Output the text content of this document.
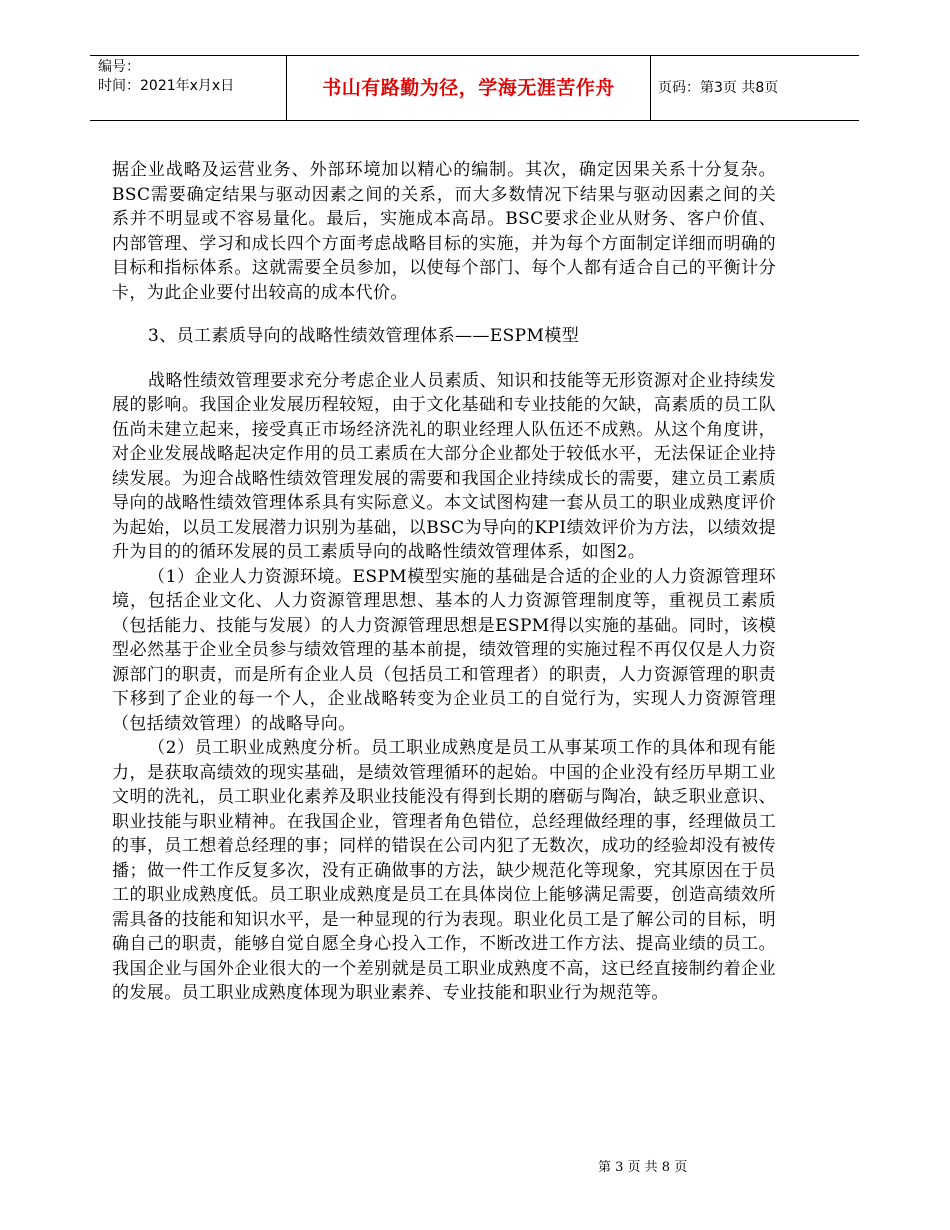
编号：
时间：2021年x月x日	书山有路勤为径，学海无涯苦作舟	页码：第3页 共8页

据企业战略及运营业务、外部环境加以精心的编制。其次，确定因果关系十分复杂。BSC需要确定结果与驱动因素之间的关系，而大多数情况下结果与驱动因素之间的关系并不明显或不容易量化。最后，实施成本高昂。BSC要求企业从财务、客户价值、内部管理、学习和成长四个方面考虑战略目标的实施，并为每个方面制定详细而明确的目标和指标体系。这就需要全员参加，以使每个部门、每个人都有适合自己的平衡计分卡，为此企业要付出较高的成本代价。

3、员工素质导向的战略性绩效管理体系——ESPM模型

战略性绩效管理要求充分考虑企业人员素质、知识和技能等无形资源对企业持续发展的影响。我国企业发展历程较短，由于文化基础和专业技能的欠缺，高素质的员工队伍尚未建立起来，接受真正市场经济洗礼的职业经理人队伍还不成熟。从这个角度讲，对企业发展战略起决定作用的员工素质在大部分企业都处于较低水平，无法保证企业持续发展。为迎合战略性绩效管理发展的需要和我国企业持续成长的需要，建立员工素质导向的战略性绩效管理体系具有实际意义。本文试图构建一套从员工的职业成熟度评价为起始，以员工发展潜力识别为基础，以BSC为导向的KPI绩效评价为方法，以绩效提升为目的的循环发展的员工素质导向的战略性绩效管理体系，如图2。

（1）企业人力资源环境。ESPM模型实施的基础是合适的企业的人力资源管理环境，包括企业文化、人力资源管理思想、基本的人力资源管理制度等，重视员工素质（包括能力、技能与发展）的人力资源管理思想是ESPM得以实施的基础。同时，该模型必然基于企业全员参与绩效管理的基本前提，绩效管理的实施过程不再仅仅是人力资源部门的职责，而是所有企业人员（包括员工和管理者）的职责，人力资源管理的职责下移到了企业的每一个人，企业战略转变为企业员工的自觉行为，实现人力资源管理（包括绩效管理）的战略导向。

（2）员工职业成熟度分析。员工职业成熟度是员工从事某项工作的具体和现有能力，是获取高绩效的现实基础，是绩效管理循环的起始。中国的企业没有经历早期工业文明的洗礼，员工职业化素养及职业技能没有得到长期的磨砺与陶冶，缺乏职业意识、职业技能与职业精神。在我国企业，管理者角色错位，总经理做经理的事，经理做员工的事，员工想着总经理的事；同样的错误在公司内犯了无数次，成功的经验却没有被传播；做一件工作反复多次，没有正确做事的方法，缺少规范化等现象，究其原因在于员工的职业成熟度低。员工职业成熟度是员工在具体岗位上能够满足需要，创造高绩效所需具备的技能和知识水平，是一种显现的行为表现。职业化员工是了解公司的目标，明确自己的职责，能够自觉自愿全身心投入工作，不断改进工作方法、提高业绩的员工。我国企业与国外企业很大的一个差别就是员工职业成熟度不高，这已经直接制约着企业的发展。员工职业成熟度体现为职业素养、专业技能和职业行为规范等。

第 3 页 共 8 页
